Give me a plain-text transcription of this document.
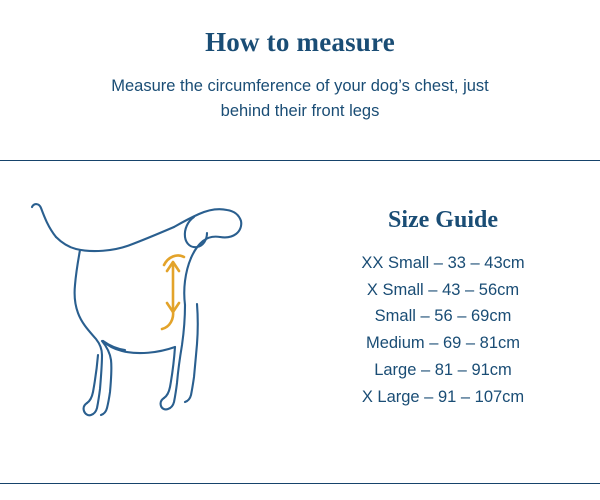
How to measure

Measure the circumference of your dog’s chest, just behind their front legs

Size Guide
XX Small – 33 – 43cm
X Small – 43 – 56cm
Small – 56 – 69cm
Medium – 69 – 81cm
Large – 81 – 91cm
X Large – 91 – 107cm
